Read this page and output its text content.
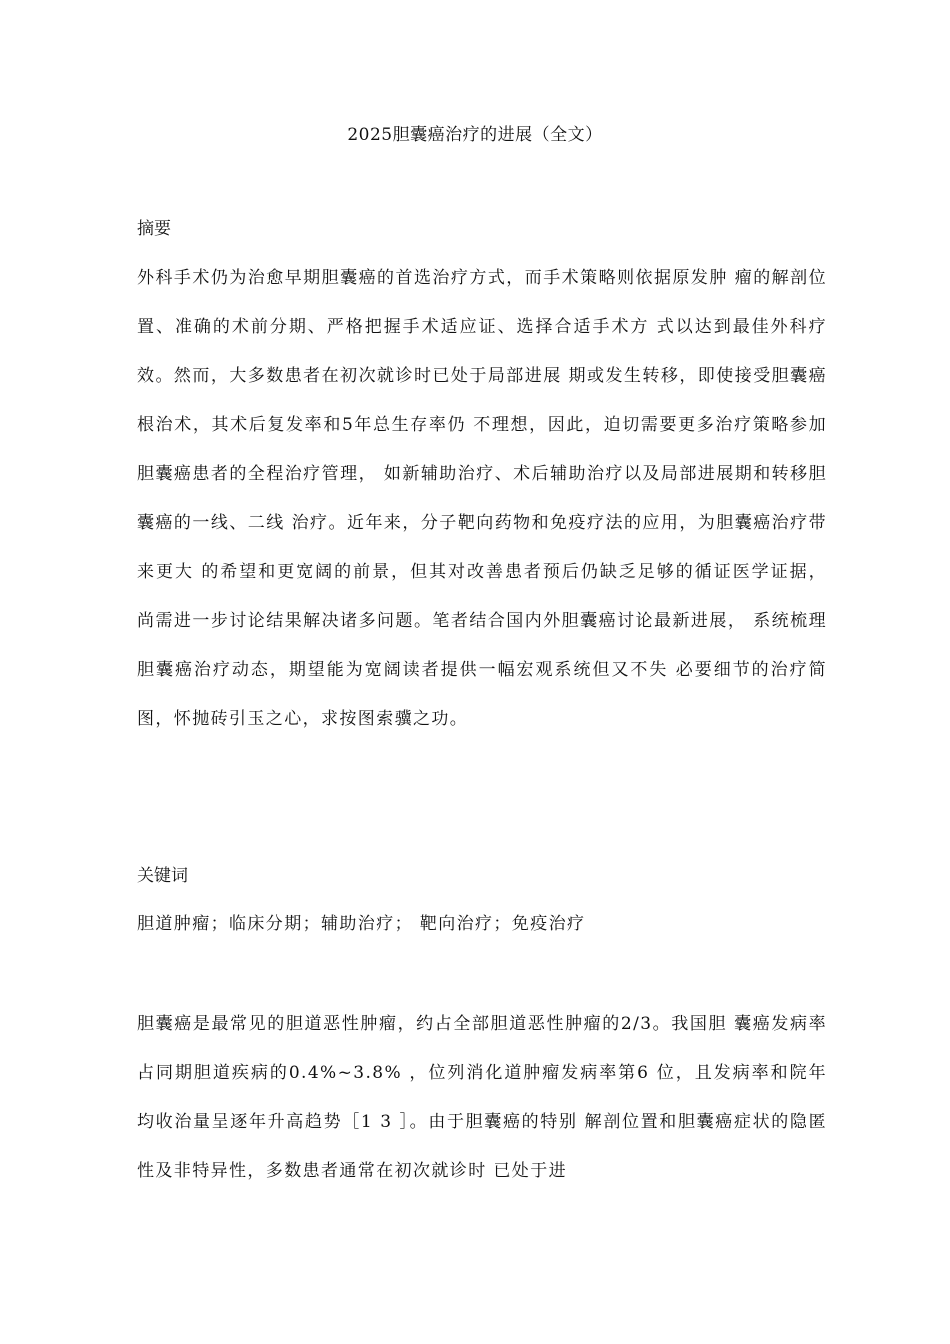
2025胆囊癌治疗的进展（全文）
摘要

外科手术仍为治愈早期胆囊癌的首选治疗方式，而手术策略则依据原发肿 瘤的解剖位置、准确的术前分期、严格把握手术适应证、选择合适手术方 式以达到最佳外科疗效。然而，大多数患者在初次就诊时已处于局部进展 期或发生转移，即使接受胆囊癌根治术，其术后复发率和5年总生存率仍 不理想，因此，迫切需要更多治疗策略参加胆囊癌患者的全程治疗管理， 如新辅助治疗、术后辅助治疗以及局部进展期和转移胆囊癌的一线、二线 治疗。近年来，分子靶向药物和免疫疗法的应用，为胆囊癌治疗带来更大 的希望和更宽阔的前景，但其对改善患者预后仍缺乏足够的循证医学证据， 尚需进一步讨论结果解决诸多问题。笔者结合国内外胆囊癌讨论最新进展， 系统梳理胆囊癌治疗动态，期望能为宽阔读者提供一幅宏观系统但又不失 必要细节的治疗简图，怀抛砖引玉之心，求按图索骥之功。

关键词
胆道肿瘤；临床分期；辅助治疗； 靶向治疗；免疫治疗

胆囊癌是最常见的胆道恶性肿瘤，约占全部胆道恶性肿瘤的2/3。我国胆 囊癌发病率占同期胆道疾病的0.4%~3.8% ，位列消化道肿瘤发病率第6 位，且发病率和院年均收治量呈逐年升高趋势［1 3 ］。由于胆囊癌的特别 解剖位置和胆囊癌症状的隐匿性及非特异性，多数患者通常在初次就诊时 已处于进
